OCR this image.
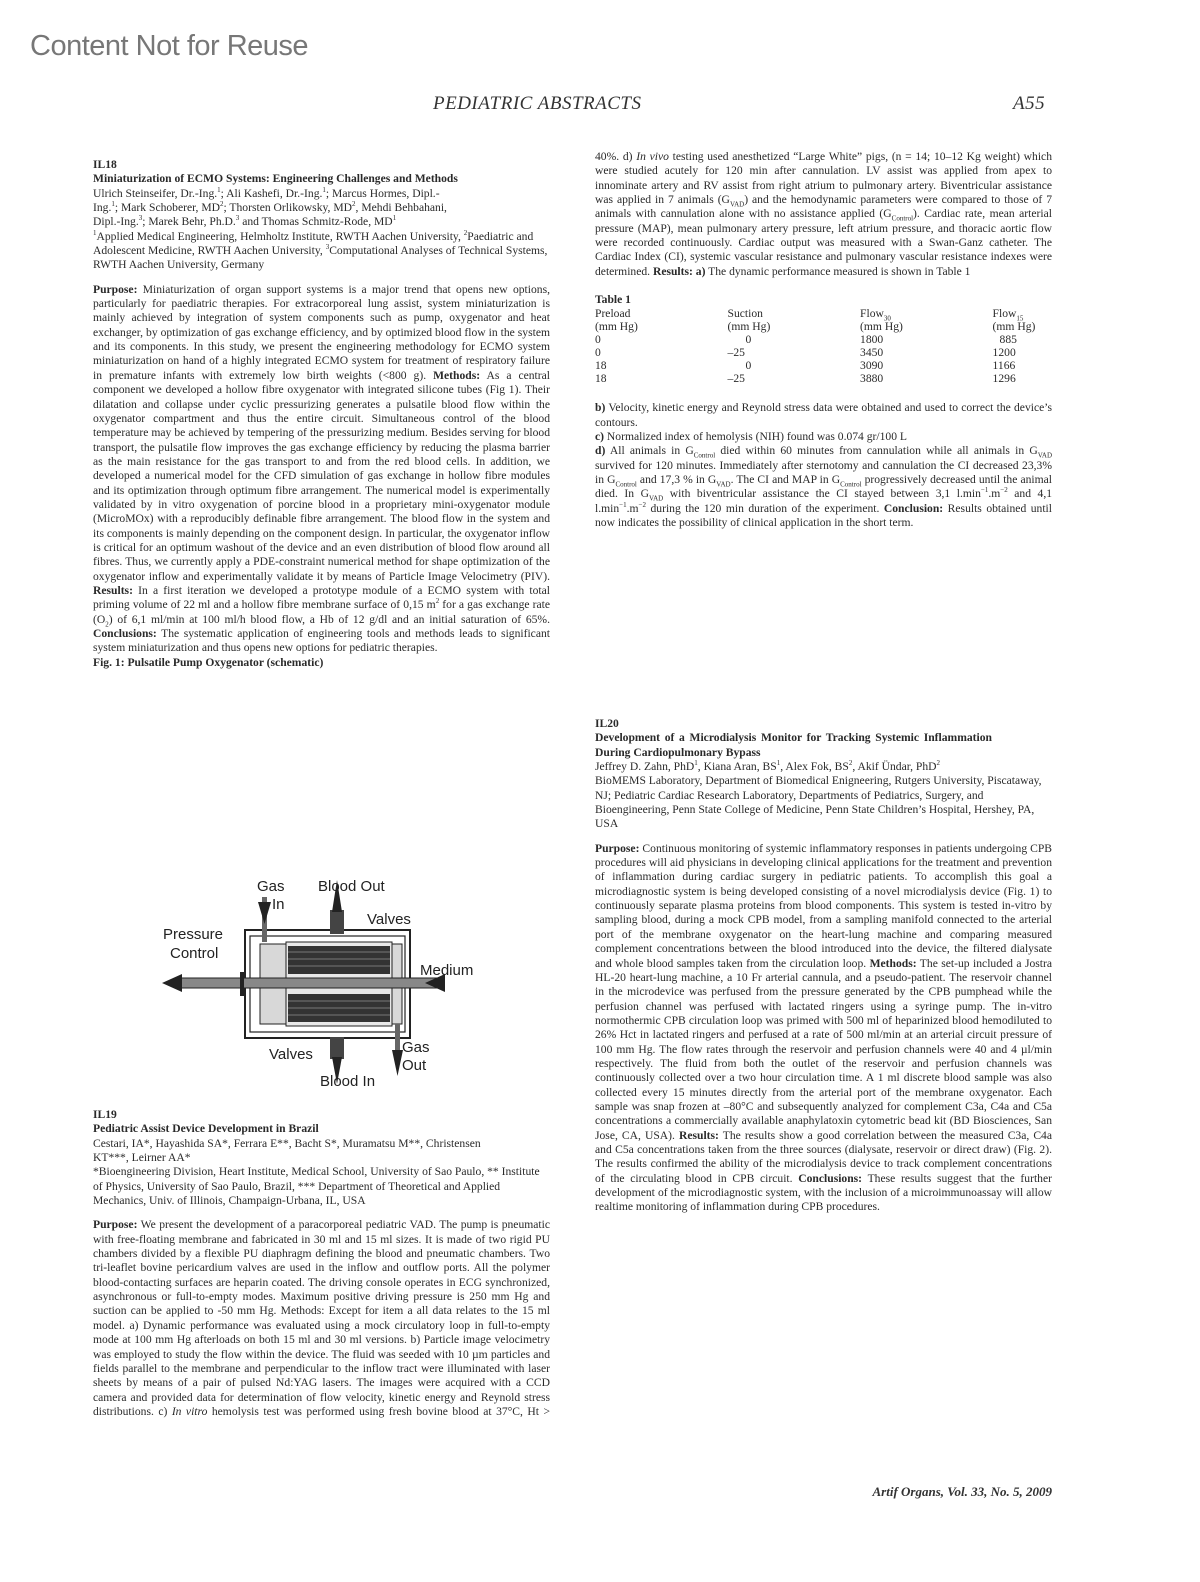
Content Not for Reuse
PEDIATRIC ABSTRACTS	A55

IL18

Miniaturization of ECMO Systems: Engineering Challenges and Methods

Ulrich Steinseifer, Dr.-Ing.$^1$; Ali Kashefi, Dr.-Ing.$^1$; Marcus Hormes, Dipl.-Ing.$^1$; Mark Schoberer, $MD^2$; Thorsten Orlikowsky, $MD^2$, Mehdi Behbahani, Dipl.-Ing.$^3$; Marek Behr, Ph.D.$^3$ and Thomas Schmitz-Rode, $MD^1$

$^1$Applied Medical Engineering, Helmholtz Institute, RWTH Aachen University, $^2$Paediatric and Adolescent Medicine, RWTH Aachen University, $^3$Computational Analyses of Technical Systems, RWTH Aachen University, Germany

Purpose: Miniaturization of organ support systems is a major trend that opens new options, particularly for paediatric therapies. For extracorporeal lung assist, system miniaturization is mainly achieved by integration of system components such as pump, oxygenator and heat exchanger, by optimization of gas exchange efficiency, and by optimized blood flow in the system and its components. In this study, we present the engineering methodology for ECMO system miniaturization on hand of a highly integrated ECMO system for treatment of respiratory failure in premature infants with extremely low birth weights (<800 g). Methods: As a central component we developed a hollow fibre oxygenator with integrated silicone tubes (Fig 1). Their dilatation and collapse under cyclic pressurizing generates a pulsatile blood flow within the oxygenator compartment and thus the entire circuit. Simultaneous control of the blood temperature may be achieved by tempering of the pressurizing medium. Besides serving for blood transport, the pulsatile flow improves the gas exchange efficiency by reducing the plasma barrier as the main resistance for the gas transport to and from the red blood cells. In addition, we developed a numerical model for the CFD simulation of gas exchange in hollow fibre modules and its optimization through optimum fibre arrangement. The numerical model is experimentally validated by in vitro oxygenation of porcine blood in a proprietary mini-oxygenator module (MicroMOx) with a reproducibly definable fibre arrangement. The blood flow in the system and its components is mainly depending on the component design. In particular, the oxygenator inflow is critical for an optimum washout of the device and an even distribution of blood flow around all fibres. Thus, we currently apply a PDE-constraint numerical method for shape optimization of the oxygenator inflow and experimentally validate it by means of Particle Image Velocimetry (PIV). Results: In a first iteration we developed a prototype module of a ECMO system with total priming volume of 22 ml and a hollow fibre membrane surface of 0,15 $m^2$ for a gas exchange rate $(O_2)$ of 6,1 ml/min at 100 ml/h blood flow, a Hb of 12 g/dl and an initial saturation of 65%. Conclusions: The systematic application of engineering tools and methods leads to significant system miniaturization and thus opens new options for pediatric therapies.

Fig. 1: Pulsatile Pump Oxygenator (schematic)

Gas
In
Blood Out
Valves
Pressure
Control
Medium
Valves	Gas
Out
Blood In

IL19

Pediatric Assist Device Development in Brazil

Cestari, IA*, Hayashida SA*, Ferrara E**, Bacht S*, Muramatsu M**, Christensen KT***, Leirner AA*

*Bioengineering Division, Heart Institute, Medical School, University of Sao Paulo, ** Institute of Physics, University of Sao Paulo, Brazil, *** Department of Theoretical and Applied Mechanics, Univ. of Illinois, Champaign-Urbana, IL, USA

Purpose: We present the development of a paracorporeal pediatric VAD. The pump is pneumatic with free-floating membrane and fabricated in 30 ml and 15 ml sizes. It is made of two rigid PU chambers divided by a flexible PU diaphragm defining the blood and pneumatic chambers. Two tri-leaflet bovine pericardium valves are used in the inflow and outflow ports. All the polymer blood-contacting surfaces are heparin coated. The driving console operates in ECG synchronized, asynchronous or full-to-empty modes. Maximum positive driving pressure is 250 mm Hg and suction can be applied to -50 mm Hg. Methods: Except for item a all data relates to the 15 ml model. a) Dynamic performance was evaluated using a mock circulatory loop in full-to-empty mode at 100 mm Hg afterloads on both 15 ml and 30 ml versions. b) Particle image velocimetry was employed to study the flow within the device. The fluid was seeded with 10 µm particles and fields parallel to the membrane and perpendicular to the inflow tract were illuminated with laser sheets by means of a pair of pulsed Nd:YAG lasers. The images were acquired with a CCD camera and provided data for determination of flow velocity, kinetic energy and Reynold stress distributions. c) In vitro hemolysis test was performed using fresh bovine blood at 37°C, Ht >

40%. d) In vivo testing used anesthetized “Large White” pigs, (n = 14; 10–12 Kg weight) which were studied acutely for 120 min after cannulation. LV assist was applied from apex to innominate artery and RV assist from right atrium to pulmonary artery. Biventricular assistance was applied in 7 animals $(G_{VAD})$ and the hemodynamic parameters were compared to those of 7 animals with cannulation alone with no assistance applied $(G_{Control})$. Cardiac rate, mean arterial pressure (MAP), mean pulmonary artery pressure, left atrium pressure, and thoracic aortic flow were recorded continuously. Cardiac output was measured with a Swan-Ganz catheter. The Cardiac Index (CI), systemic vascular resistance and pulmonary vascular resistance indexes were determined. Results: a) The dynamic performance measured is shown in Table 1

Table 1

Preload	Suction	Flow$_{30}$	Flow$_{15}$
(mm Hg)	(mm Hg)	(mm Hg)	(mm Hg)
0	0	1800	885
0	–25	3450	1200
18	0	3090	1166
18	–25	3880	1296

b) Velocity, kinetic energy and Reynold stress data were obtained and used to correct the device’s contours.

c) Normalized index of hemolysis (NIH) found was 0.074 gr/100 L

d) All animals in $G_{Control}$ died within 60 minutes from cannulation while all animals in $G_{VAD}$ survived for 120 minutes. Immediately after sternotomy and cannulation the CI decreased 23,3% in $G_{Control}$ and 17,3 % in $G_{VAD}$. The CI and MAP in $G_{Control}$ progressively decreased until the animal died. In $G_{VAD}$ with biventricular assistance the CI stayed between 3,1 $l.\min^{-1}.m^{-2}$ and 4,1 $l.\min^{-1}.m^{-2}$ during the 120 min duration of the experiment. Conclusion: Results obtained until now indicates the possibility of clinical application in the short term.

IL20

Development of a Microdialysis Monitor for Tracking Systemic Inflammation During Cardiopulmonary Bypass

Jeffrey D. Zahn, PhD$^1$, Kiana Aran, $BS^1$, Alex Fok, $BS^2$, Akif Ündar, PhD$^2$

BioMEMS Laboratory, Department of Biomedical Enigneering, Rutgers University, Piscataway, NJ; Pediatric Cardiac Research Laboratory, Departments of Pediatrics, Surgery, and Bioengineering, Penn State College of Medicine, Penn State Children’s Hospital, Hershey, PA, USA

Purpose: Continuous monitoring of systemic inflammatory responses in patients undergoing CPB procedures will aid physicians in developing clinical applications for the treatment and prevention of inflammation during cardiac surgery in pediatric patients. To accomplish this goal a microdiagnostic system is being developed consisting of a novel microdialysis device (Fig. 1) to continuously separate plasma proteins from blood components. This system is tested in-vitro by sampling blood, during a mock CPB model, from a sampling manifold connected to the arterial port of the membrane oxygenator on the heart-lung machine and comparing measured complement concentrations between the blood introduced into the device, the filtered dialysate and whole blood samples taken from the circulation loop. Methods: The set-up included a Jostra HL-20 heart-lung machine, a 10 Fr arterial cannula, and a pseudo-patient. The reservoir channel in the microdevice was perfused from the pressure generated by the CPB pumphead while the perfusion channel was perfused with lactated ringers using a syringe pump. The in-vitro normothermic CPB circulation loop was primed with 500 ml of heparinized blood hemodiluted to 26% Hct in lactated ringers and perfused at a rate of 500 ml/min at an arterial circuit pressure of 100 mm Hg. The flow rates through the reservoir and perfusion channels were 40 and 4 µl/min respectively. The fluid from both the outlet of the reservoir and perfusion channels was continuously collected over a two hour circulation time. A 1 ml discrete blood sample was also collected every 15 minutes directly from the arterial port of the membrane oxygenator. Each sample was snap frozen at –80°C and subsequently analyzed for complement C3a, C4a and C5a concentrations a commercially available anaphylatoxin cytometric bead kit (BD Biosciences, San Jose, CA, USA). Results: The results show a good correlation between the measured C3a, C4a and C5a concentrations taken from the three sources (dialysate, reservoir or direct draw) (Fig. 2). The results confirmed the ability of the microdialysis device to track complement concentrations of the circulating blood in CPB circuit. Conclusions: These results suggest that the further development of the microdiagnostic system, with the inclusion of a microimmunoassay will allow realtime monitoring of inflammation during CPB procedures.

Artif Organs, Vol. 33, No. 5, 2009
